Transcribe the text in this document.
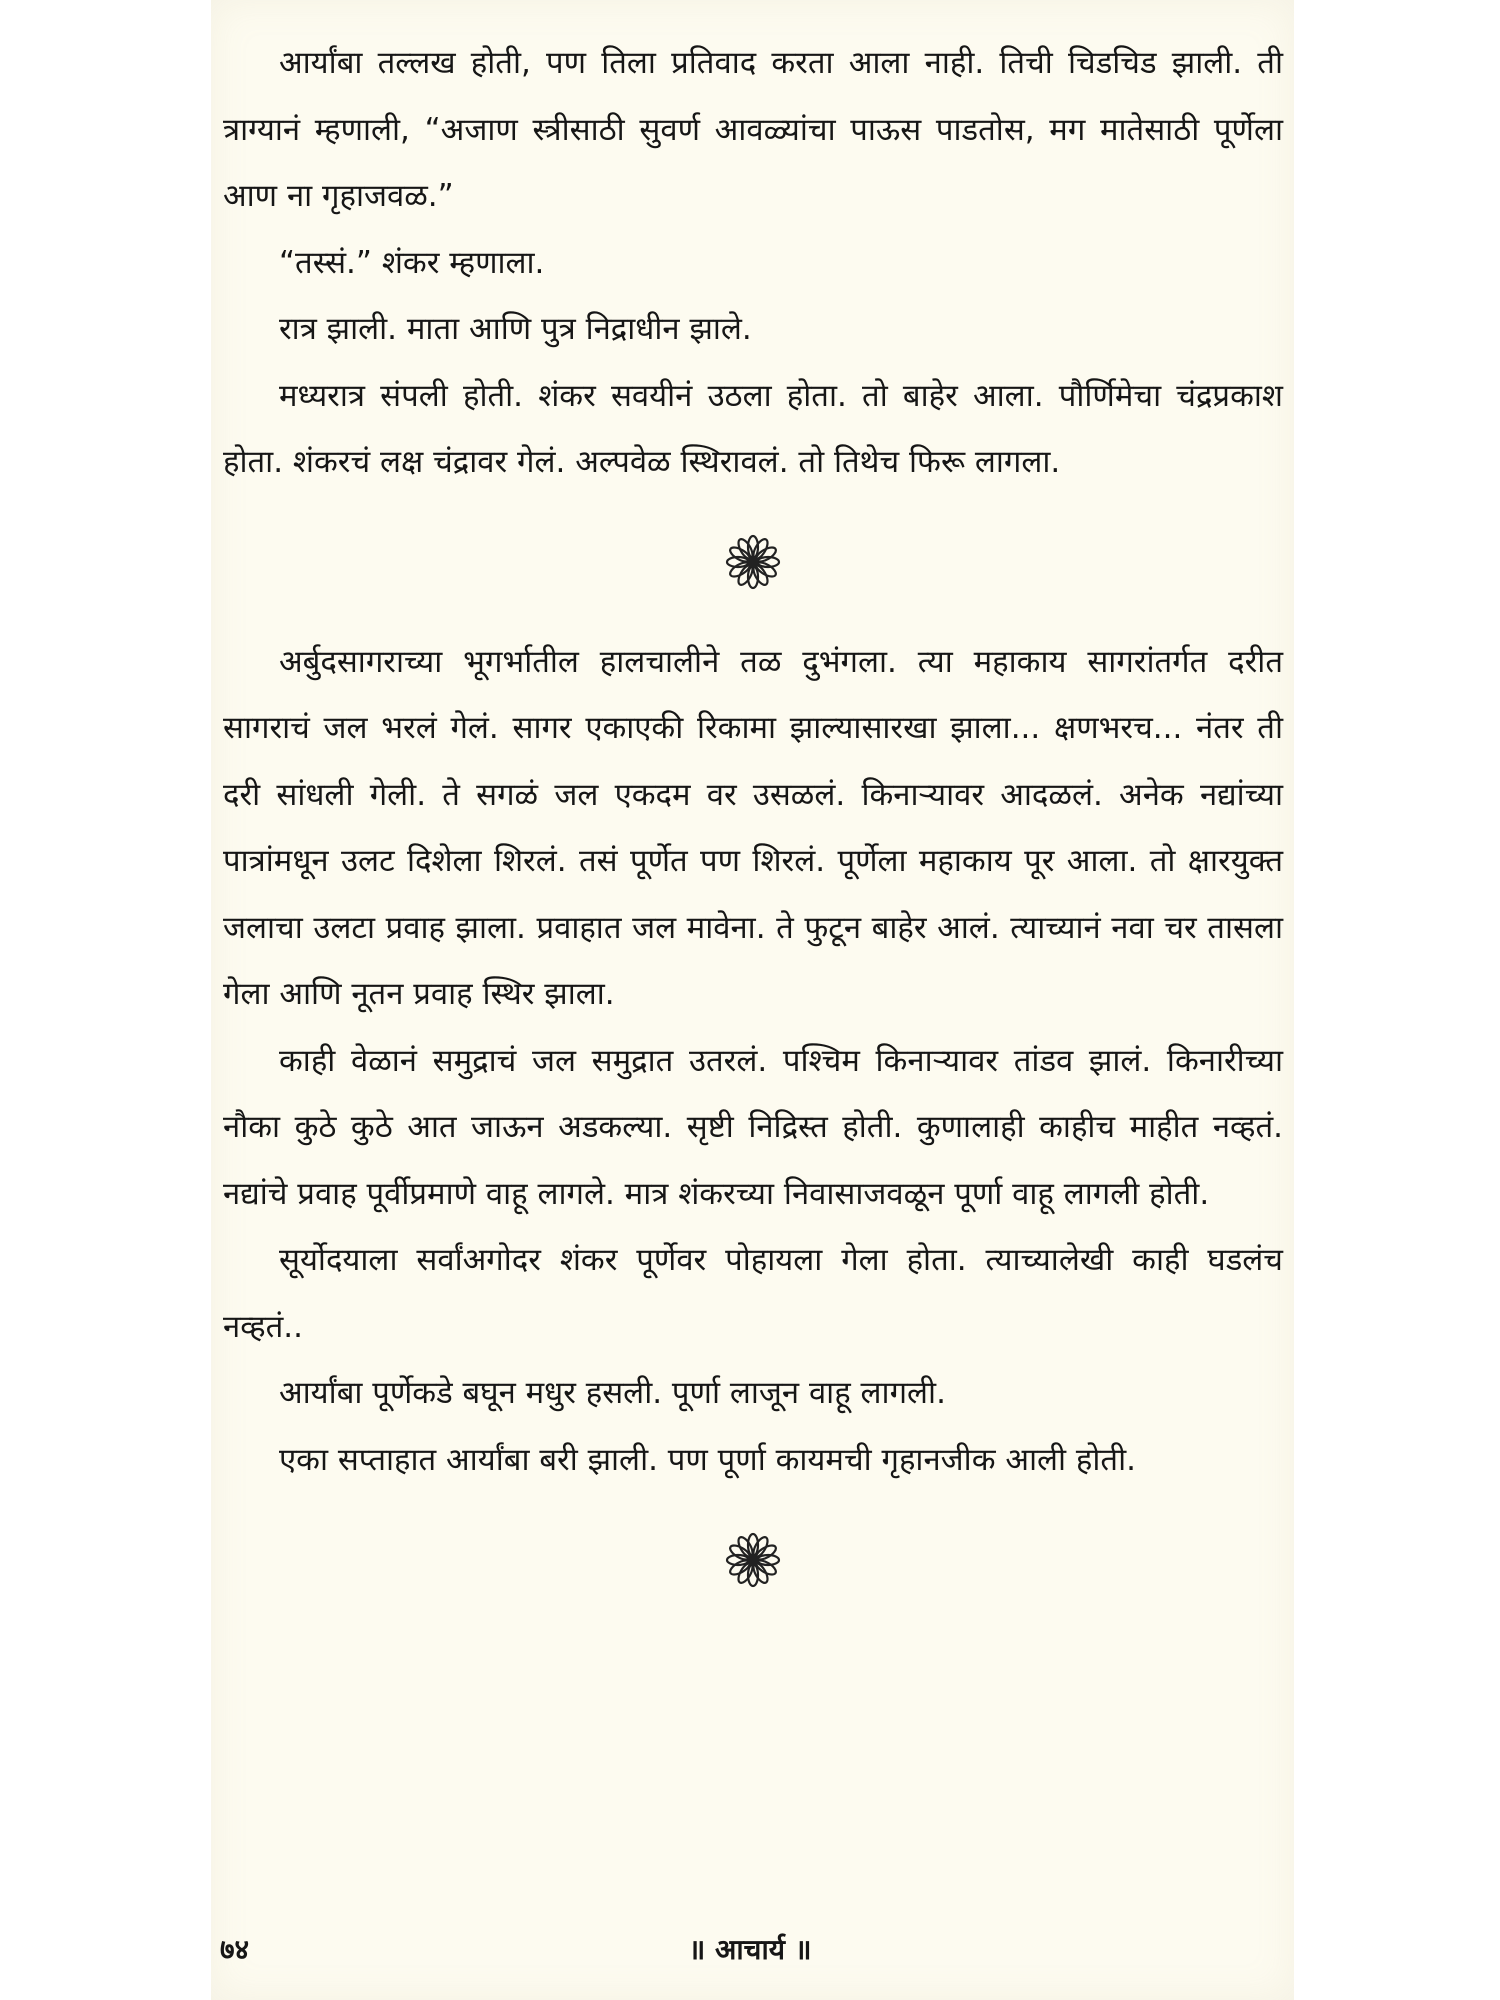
आर्यांबा तल्लख होती, पण तिला प्रतिवाद करता आला नाही. तिची चिडचिड झाली. ती त्राग्यानं म्हणाली, “अजाण स्त्रीसाठी सुवर्ण आवळ्यांचा पाऊस पाडतोस, मग मातेसाठी पूर्णेला आण ना गृहाजवळ.”

“तस्सं.” शंकर म्हणाला.

रात्र झाली. माता आणि पुत्र निद्राधीन झाले.

मध्यरात्र संपली होती. शंकर सवयीनं उठला होता. तो बाहेर आला. पौर्णिमेचा चंद्रप्रकाश होता. शंकरचं लक्ष चंद्रावर गेलं. अल्पवेळ स्थिरावलं. तो तिथेच फिरू लागला.

अर्बुदसागराच्या भूगर्भातील हालचालीने तळ दुभंगला. त्या महाकाय सागरांतर्गत दरीत सागराचं जल भरलं गेलं. सागर एकाएकी रिकामा झाल्यासारखा झाला... क्षणभरच... नंतर ती दरी सांधली गेली. ते सगळं जल एकदम वर उसळलं. किनाऱ्यावर आदळलं. अनेक नद्यांच्या पात्रांमधून उलट दिशेला शिरलं. तसं पूर्णेत पण शिरलं. पूर्णेला महाकाय पूर आला. तो क्षारयुक्त जलाचा उलटा प्रवाह झाला. प्रवाहात जल मावेना. ते फुटून बाहेर आलं. त्याच्यानं नवा चर तासला गेला आणि नूतन प्रवाह स्थिर झाला.

काही वेळानं समुद्राचं जल समुद्रात उतरलं. पश्चिम किनाऱ्यावर तांडव झालं. किनारीच्या नौका कुठे कुठे आत जाऊन अडकल्या. सृष्टी निद्रिस्त होती. कुणालाही काहीच माहीत नव्हतं. नद्यांचे प्रवाह पूर्वीप्रमाणे वाहू लागले. मात्र शंकरच्या निवासाजवळून पूर्णा वाहू लागली होती.

सूर्योदयाला सर्वांअगोदर शंकर पूर्णेवर पोहायला गेला होता. त्याच्यालेखी काही घडलंच नव्हतं..

आर्यांबा पूर्णेकडे बघून मधुर हसली. पूर्णा लाजून वाहू लागली.

एका सप्ताहात आर्यांबा बरी झाली. पण पूर्णा कायमची गृहानजीक आली होती.

७४	॥ आचार्य ॥
